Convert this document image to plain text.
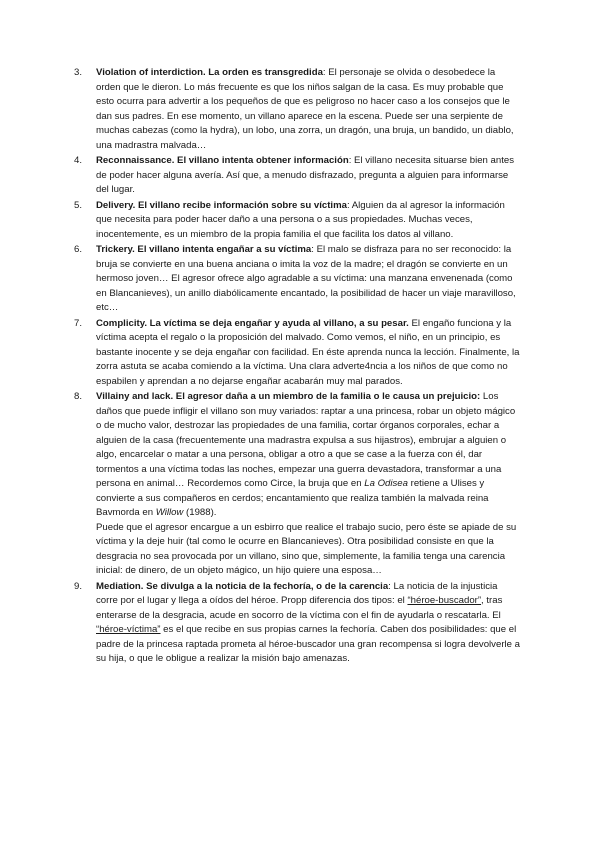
3.	Violation of interdiction. La orden es transgredida: El personaje se olvida o desobedece la orden que le dieron. Lo más frecuente es que los niños salgan de la casa. Es muy probable que esto ocurra para advertir a los pequeños de que es peligroso no hacer caso a los consejos que le dan sus padres. En ese momento, un villano aparece en la escena. Puede ser una serpiente de muchas cabezas (como la hydra), un lobo, una zorra, un dragón, una bruja, un bandido, un diablo, una madrastra malvada…
4.	Reconnaissance. El villano intenta obtener información: El villano necesita situarse bien antes de poder hacer alguna avería. Así que, a menudo disfrazado, pregunta a alguien para informarse del lugar.
5.	Delivery. El villano recibe información sobre su víctima: Alguien da al agresor la información que necesita para poder hacer daño a una persona o a sus propiedades. Muchas veces, inocentemente, es un miembro de la propia familia el que facilita los datos al villano.
6.	Trickery. El villano intenta engañar a su víctima: El malo se disfraza para no ser reconocido: la bruja se convierte en una buena anciana o imita la voz de la madre; el dragón se convierte en un hermoso joven… El agresor ofrece algo agradable a su víctima: una manzana envenenada (como en Blancanieves), un anillo diabólicamente encantado, la posibilidad de hacer un viaje maravilloso, etc…
7.	Complicity. La víctima se deja engañar y ayuda al villano, a su pesar. El engaño funciona y la víctima acepta el regalo o la proposición del malvado. Como vemos, el niño, en un principio, es bastante inocente y se deja engañar con facilidad. En éste aprenda nunca la lección. Finalmente, la zorra astuta se acaba comiendo a la víctima. Una clara adverte4ncia a los niños de que como no espabilen y aprendan a no dejarse engañar acabarán muy mal parados.
8.	Villainy and lack. El agresor daña a un miembro de la familia o le causa un prejuicio: Los daños que puede infligir el villano son muy variados: raptar a una princesa, robar un objeto mágico o de mucho valor, destrozar las propiedades de una familia, cortar órganos corporales, echar a alguien de la casa (frecuentemente una madrastra expulsa a sus hijastros), embrujar a alguien o algo, encarcelar o matar a una persona, obligar a otro a que se case a la fuerza con él, dar tormentos a una víctima todas las noches, empezar una guerra devastadora, transformar a una persona en animal… Recordemos como Circe, la bruja que en La Odisea retiene a Ulises y convierte a sus compañeros en cerdos; encantamiento que realiza también la malvada reina Bavmorda en Willow (1988).

Puede que el agresor encargue a un esbirro que realice el trabajo sucio, pero éste se apiade de su víctima y la deje huir (tal como le ocurre en Blancanieves). Otra posibilidad consiste en que la desgracia no sea provocada por un villano, sino que, simplemente, la familia tenga una carencia inicial: de dinero, de un objeto mágico, un hijo quiere una esposa…

9.	Mediation. Se divulga a la noticia de la fechoría, o de la carencia: La noticia de la injusticia corre por el lugar y llega a oídos del héroe. Propp diferencia dos tipos: el “héroe-buscador”, tras enterarse de la desgracia, acude en socorro de la víctima con el fin de ayudarla o rescatarla. El “héroe-víctima” es el que recibe en sus propias carnes la fechoría. Caben dos posibilidades: que el padre de la princesa raptada prometa al héroe-buscador una gran recompensa si logra devolverle a su hija, o que le obligue a realizar la misión bajo amenazas.
